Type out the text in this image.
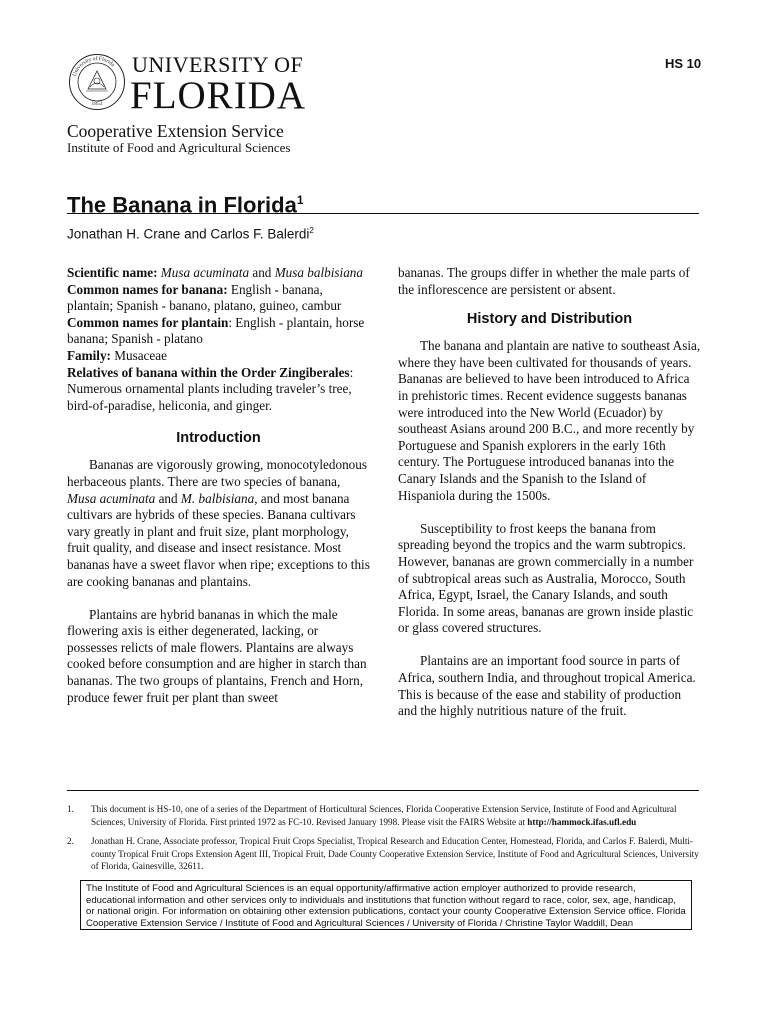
University of Florida
1853
UNIVERSITY OF
FLORIDA
Cooperative Extension Service
Institute of Food and Agricultural Sciences
HS 10
The Banana in Florida$^1$
Jonathan H. Crane and Carlos F. Balerdi$^2$

Scientific name: Musa acuminata and Musa balbisiana

Common names for banana: English - banana, plantain; Spanish - banano, platano, guineo, cambur

Common names for plantain: English - plantain, horse banana; Spanish - platano

Family: Musaceae

Relatives of banana within the Order Zingiberales: Numerous ornamental plants including traveler’s tree, bird-of-paradise, heliconia, and ginger.

Introduction

Bananas are vigorously growing, monocotyledonous herbaceous plants. There are two species of banana, Musa acuminata and M. balbisiana, and most banana cultivars are hybrids of these species. Banana cultivars vary greatly in plant and fruit size, plant morphology, fruit quality, and disease and insect resistance. Most bananas have a sweet flavor when ripe; exceptions to this are cooking bananas and plantains.

Plantains are hybrid bananas in which the male flowering axis is either degenerated, lacking, or possesses relicts of male flowers. Plantains are always cooked before consumption and are higher in starch than bananas. The two groups of plantains, French and Horn, produce fewer fruit per plant than sweet

bananas. The groups differ in whether the male parts of the inflorescence are persistent or absent.

History and Distribution

The banana and plantain are native to southeast Asia, where they have been cultivated for thousands of years. Bananas are believed to have been introduced to Africa in prehistoric times. Recent evidence suggests bananas were introduced into the New World (Ecuador) by southeast Asians around 200 B.C., and more recently by Portuguese and Spanish explorers in the early 16th century. The Portuguese introduced bananas into the Canary Islands and the Spanish to the Island of Hispaniola during the 1500s.

Susceptibility to frost keeps the banana from spreading beyond the tropics and the warm subtropics. However, bananas are grown commercially in a number of subtropical areas such as Australia, Morocco, South Africa, Egypt, Israel, the Canary Islands, and south Florida. In some areas, bananas are grown inside plastic or glass covered structures.

Plantains are an important food source in parts of Africa, southern India, and throughout tropical America. This is because of the ease and stability of production and the highly nutritious nature of the fruit.

1. This document is HS-10, one of a series of the Department of Horticultural Sciences, Florida Cooperative Extension Service, Institute of Food and Agricultural Sciences, University of Florida. First printed 1972 as FC-10. Revised January 1998. Please visit the FAIRS Website at http://hammock.ifas.ufl.edu
2. Jonathan H. Crane, Associate professor, Tropical Fruit Crops Specialist, Tropical Research and Education Center, Homestead, Florida, and Carlos F. Balerdi, Multi-county Tropical Fruit Crops Extension Agent III, Tropical Fruit, Dade County Cooperative Extension Service, Institute of Food and Agricultural Sciences, University of Florida, Gainesville, 32611.
The Institute of Food and Agricultural Sciences is an equal opportunity/affirmative action employer authorized to provide research, educational information and other services only to individuals and institutions that function without regard to race, color, sex, age, handicap, or national origin. For information on obtaining other extension publications, contact your county Cooperative Extension Service office. Florida Cooperative Extension Service / Institute of Food and Agricultural Sciences / University of Florida / Christine Taylor Waddill, Dean
